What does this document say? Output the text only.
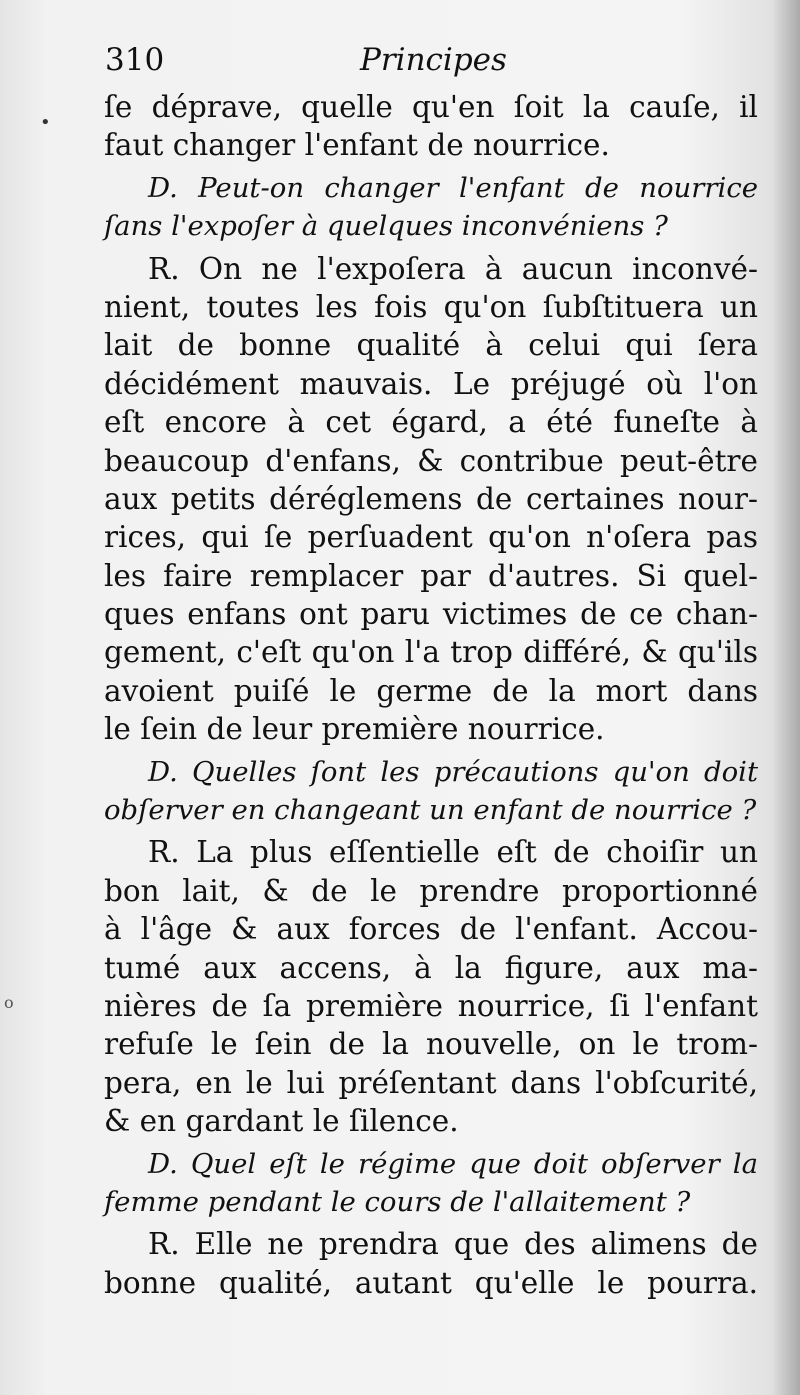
•
o
310	Principes
ſe déprave, quelle qu'en ſoit la cauſe, il
faut changer l'enfant de nourrice.
D. Peut-on changer l'enfant de nourrice
ſans l'expoſer à quelques inconvéniens ?
R. On ne l'expoſera à aucun inconvé-
nient, toutes les fois qu'on ſubſtituera un
lait de bonne qualité à celui qui ſera
décidément mauvais. Le préjugé où l'on
eſt encore à cet égard, a été funeſte à
beaucoup d'enfans, & contribue peut-être
aux petits déréglemens de certaines nour-
rices, qui ſe perſuadent qu'on n'oſera pas
les faire remplacer par d'autres. Si quel-
ques enfans ont paru victimes de ce chan-
gement, c'eſt qu'on l'a trop différé, & qu'ils
avoient puiſé le germe de la mort dans
le ſein de leur première nourrice.
D. Quelles ſont les précautions qu'on doit
obſerver en changeant un enfant de nourrice ?
R. La plus eſſentielle eſt de choiſir un
bon lait, & de le prendre proportionné
à l'âge & aux forces de l'enfant. Accou-
tumé aux accens, à la figure, aux ma-
nières de ſa première nourrice, ſi l'enfant
refuſe le ſein de la nouvelle, on le trom-
pera, en le lui préſentant dans l'obſcurité,
& en gardant le ſilence.
D. Quel eſt le régime que doit obſerver la
femme pendant le cours de l'allaitement ?
R. Elle ne prendra que des alimens de
bonne qualité, autant qu'elle le pourra.
